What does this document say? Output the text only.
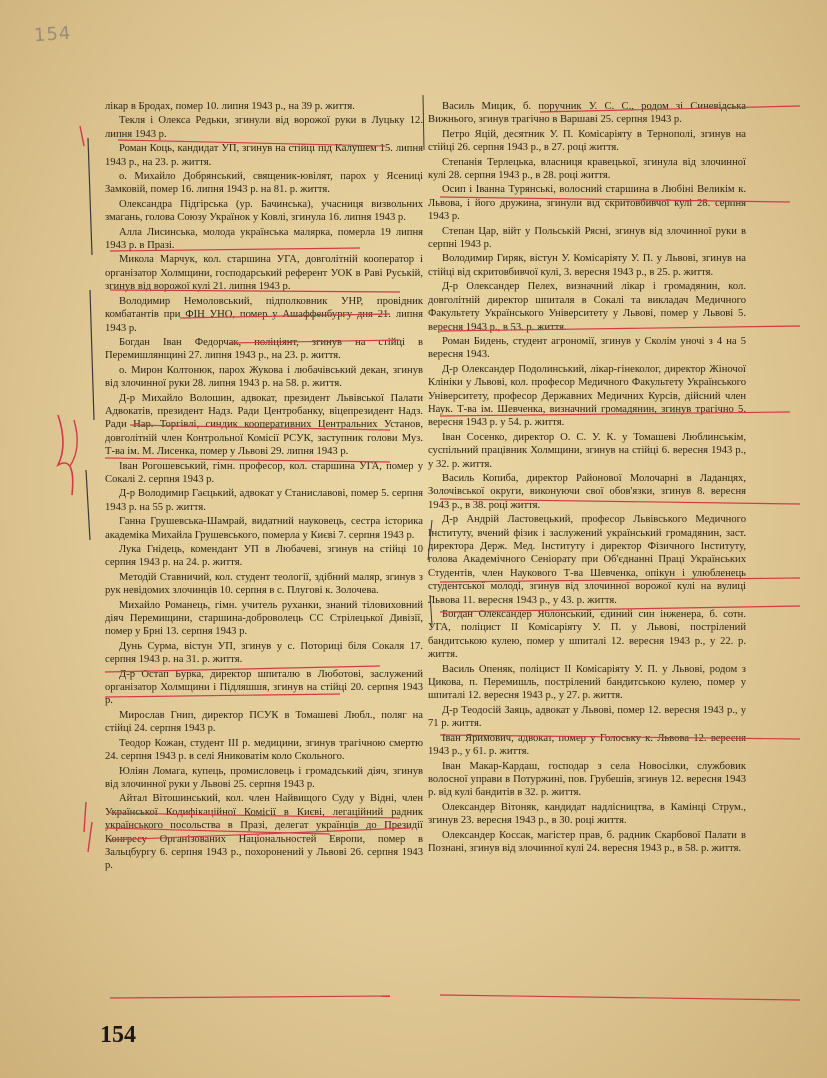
154

лікар в Бродах, помер 10. липня 1943 р., на 39 р. життя.

Текля і Олекса Редьки, згинули від ворожої руки в Луцьку 12. липня 1943 р.

Роман Коць, кандидат УП, згинув на стійці під Калушем 15. липня 1943 р., на 23. р. життя.

о. Михайло Добрянський, священик-ювілят, парох у Ясениці Замковій, помер 16. липня 1943 р. на 81. р. життя.

Олександра Підгірська (ур. Бачинська), учасниця визвольних змагань, голова Союзу Українок у Ковлі, згинула 16. липня 1943 р.

Алла Лисинська, молода українська малярка, померла 19 липня 1943 р. в Празі.

Микола Марчук, кол. старшина УГА, довголітній кооператор і організатор Холмщини, господарський референт УОК в Раві Руській, згинув від ворожої кулі 21. липня 1943 р.

Володимир Немоловський, підполковник УНР, провідник комбатантів при ФІН УНО, помер у Ашаффенбургу дня 21. липня 1943 р.

Богдан Іван Федорчак, поліціянт, згинув на стійці в Перемишлянщині 27. липня 1943 р., на 23. р. життя.

о. Мирон Колтонюк, парох Жукова і любачівський декан, згинув від злочинної руки 28. липня 1943 р. на 58. р. життя.

Д-р Михайло Волошин, адвокат, президент Львівської Палати Адвокатів, президент Надз. Ради Центробанку, віцепрезидент Надз. Ради Нар. Торгівлі, синдик кооперативних Центральних Установ, довголітній член Контрольної Комісії РСУК, заступник голови Муз. Т-ва ім. М. Лисенка, помер у Львові 29. липня 1943 р.

Іван Рогошевський, гімн. професор, кол. старшина УГА, помер у Сокалі 2. серпня 1943 р.

Д-р Володимир Гаєцький, адвокат у Станиславові, помер 5. серпня 1943 р. на 55 р. життя.

Ганна Грушевська-Шамрай, видатний науковець, сестра історика академіка Михайла Грушевського, померла у Києві 7. серпня 1943 р.

Лука Гнідець, комендант УП в Любачеві, згинув на стійці 10 серпня 1943 р. на 24. р. життя.

Методій Ставничий, кол. студент теології, здібний маляр, згинув з рук невідомих злочинців 10. серпня в с. Плугові к. Золочева.

Михайло Романець, гімн. учитель руханки, знаний тіловиховний діяч Перемищини, старшина-доброволець СС Стрілецької Дивізії, помер у Брні 13. серпня 1943 р.

Дунь Сурма, вістун УП, згинув у с. Поториці біля Сокаля 17. серпня 1943 р. на 31. р. життя.

Д-р Остап Бурка, директор шпиталю в Люботові, заслужений організатор Холмщини і Підляшшя, згинув на стійці 20. серпня 1943 р.

Мирослав Гнип, директор ПСУК в Томашеві Любл., поляг на стійці 24. серпня 1943 р.

Теодор Кожан, студент III р. медицини, згинув трагічною смертю 24. серпня 1943 р. в селі Яниковатім коло Скольного.

Юліян Ломага, купець, промисловець і громадський діяч, згинув від злочинної руки у Львові 25. серпня 1943 р.

Айтал Вітошинський, кол. член Найвищого Суду у Відні, член Української Кодифікаційної Комісії в Києві, легаційний радник українського посольства в Празі, делегат українців до Президії Конгресу Організованих Національностей Европи, помер в Зальцбургу 6. серпня 1943 р., похоронений у Львові 26. серпня 1943 р.

Василь Мицик, б. поручник У. С. С., родом зі Синевідська Вижнього, згинув трагічно в Варшаві 25. серпня 1943 р.

Петро Яцій, десятник У. П. Комісаріяту в Тернополі, згинув на стійці 26. серпня 1943 р., в 27. році життя.

Степанія Терлецька, власниця кравецької, згинула від злочинної кулі 28. серпня 1943 р., в 28. році життя.

Осип і Іванна Турянські, волосний старшина в Любіні Великім к. Львова, і його дружина, згинули від скритовбивчої кулі 28. серпня 1943 р.

Степан Цар, війт у Польській Рясні, згинув від злочинної руки в серпні 1943 р.

Володимир Гиряк, вістун У. Комісаріяту У. П. у Львові, згинув на стійці від скритовбивчої кулі, 3. вересня 1943 р., в 25. р. життя.

Д-р Олександер Пелех, визначний лікар і громадянин, кол. довголітній директор шпиталя в Сокалі та викладач Медичного Факультету Українського Університету у Львові, помер у Львові 5. вересня 1943 р., в 53. р. життя.

Роман Бидень, студент агрономії, згинув у Сколім уночі з 4 на 5 вересня 1943.

Д-р Олександер Подолинський, лікар-гінеколог, директор Жіночої Клініки у Львові, кол. професор Медичного Факультету Українського Університету, професор Державних Медичних Курсів, дійсний член Наук. Т-ва ім. Шевченка, визначний громадянин, згинув трагічно 5. вересня 1943 р. у 54. р. життя.

Іван Сосенко, директор О. С. У. К. у Томашеві Люблинськім, суспільний працівник Холмщини, згинув на стійці 6. вересня 1943 р., у 32. р. життя.

Василь Копиба, директор Районової Молочарні в Ладанцях, Золочівської округи, виконуючи свої обов'язки, згинув 8. вересня 1943 р., в 38. році життя.

Д-р Андрій Ластовецький, професор Львівського Медичного Інституту, вчений фізик і заслужений український громадянин, заст. директора Держ. Мед. Інституту і директор Фізичного Інституту, голова Академічного Сеніорату при Об'єднанні Праці Українських Студентів, член Наукового Т-ва Шевченка, опікун і улюбленець студентської молоді, згинув від злочинної ворожої кулі на вулиці Львова 11. вересня 1943 р., у 43. р. життя.

Богдан Олександер Яблонський, єдиний син інженера, б. сотн. УГА, поліцист II Комісаріяту У. П. у Львові, пострілений бандитською кулею, помер у шпиталі 12. вересня 1943 р., у 22. р. життя.

Василь Опеняк, поліцист II Комісаріяту У. П. у Львові, родом з Цикова, п. Перемишль, пострілений бандитською кулею, помер у шпиталі 12. вересня 1943 р., у 27. р. життя.

Д-р Теодосій Заяць, адвокат у Львові, помер 12. вересня 1943 р., у 71 р. життя.

Іван Яримович, адвокат, помер у Голоську к. Львова 12. вересня 1943 р., у 61. р. життя.

Іван Макар-Кардаш, господар з села Новосілки, службовик волосної управи в Потуржині, пов. Грубешів, згинув 12. вересня 1943 р. від кулі бандитів в 32. р. життя.

Олександер Вітоняк, кандидат надлісництва, в Камінці Струм., згинув 23. вересня 1943 р., в 30. році життя.

Олександер Коссак, магістер прав, б. радник Скарбової Палати в Познані, згинув від злочинної кулі 24. вересня 1943 р., в 58. р. життя.

154
